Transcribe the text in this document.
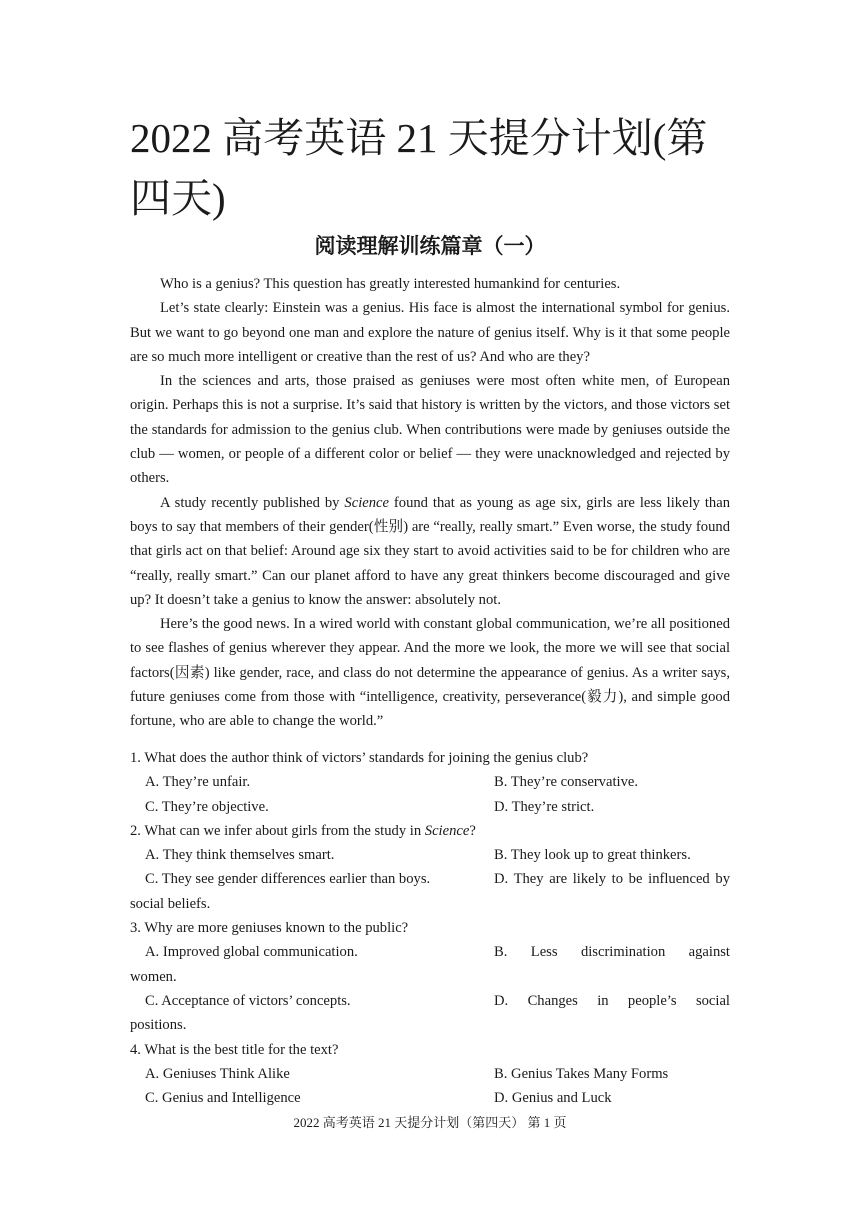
2022 高考英语 21 天提分计划(第四天)
阅读理解训练篇章（一）

Who is a genius? This question has greatly interested humankind for centuries.

Let’s state clearly: Einstein was a genius. His face is almost the international symbol for genius. But we want to go beyond one man and explore the nature of genius itself. Why is it that some people are so much more intelligent or creative than the rest of us? And who are they?

In the sciences and arts, those praised as geniuses were most often white men, of European origin. Perhaps this is not a surprise. It’s said that history is written by the victors, and those victors set the standards for admission to the genius club. When contributions were made by geniuses outside the club — women, or people of a different color or belief — they were unacknowledged and rejected by others.

A study recently published by Science found that as young as age six, girls are less likely than boys to say that members of their gender(性别) are “really, really smart.” Even worse, the study found that girls act on that belief: Around age six they start to avoid activities said to be for children who are “really, really smart.” Can our planet afford to have any great thinkers become discouraged and give up? It doesn’t take a genius to know the answer: absolutely not.

Here’s the good news. In a wired world with constant global communication, we’re all positioned to see flashes of genius wherever they appear. And the more we look, the more we will see that social factors(因素) like gender, race, and class do not determine the appearance of genius. As a writer says, future geniuses come from those with “intelligence, creativity, perseverance(毅力), and simple good fortune, who are able to change the world.”

1. What does the author think of victors’ standards for joining the genius club?

A. They’re unfair.	B. They’re conservative.
C. They’re objective.	D. They’re strict.

2. What can we infer about girls from the study in Science?

A. They think themselves smart.	B. They look up to great thinkers.
C. They see gender differences earlier than boys.	D. They are likely to be influenced by

social beliefs.

3. Why are more geniuses known to the public?

A. Improved global communication.	B. Less discrimination against

women.

C. Acceptance of victors’ concepts.	D. Changes in people’s social

positions.

4. What is the best title for the text?

A. Geniuses Think Alike	B. Genius Takes Many Forms
C. Genius and Intelligence	D. Genius and Luck
2022 高考英语 21 天提分计划（第四天） 第 1 页
